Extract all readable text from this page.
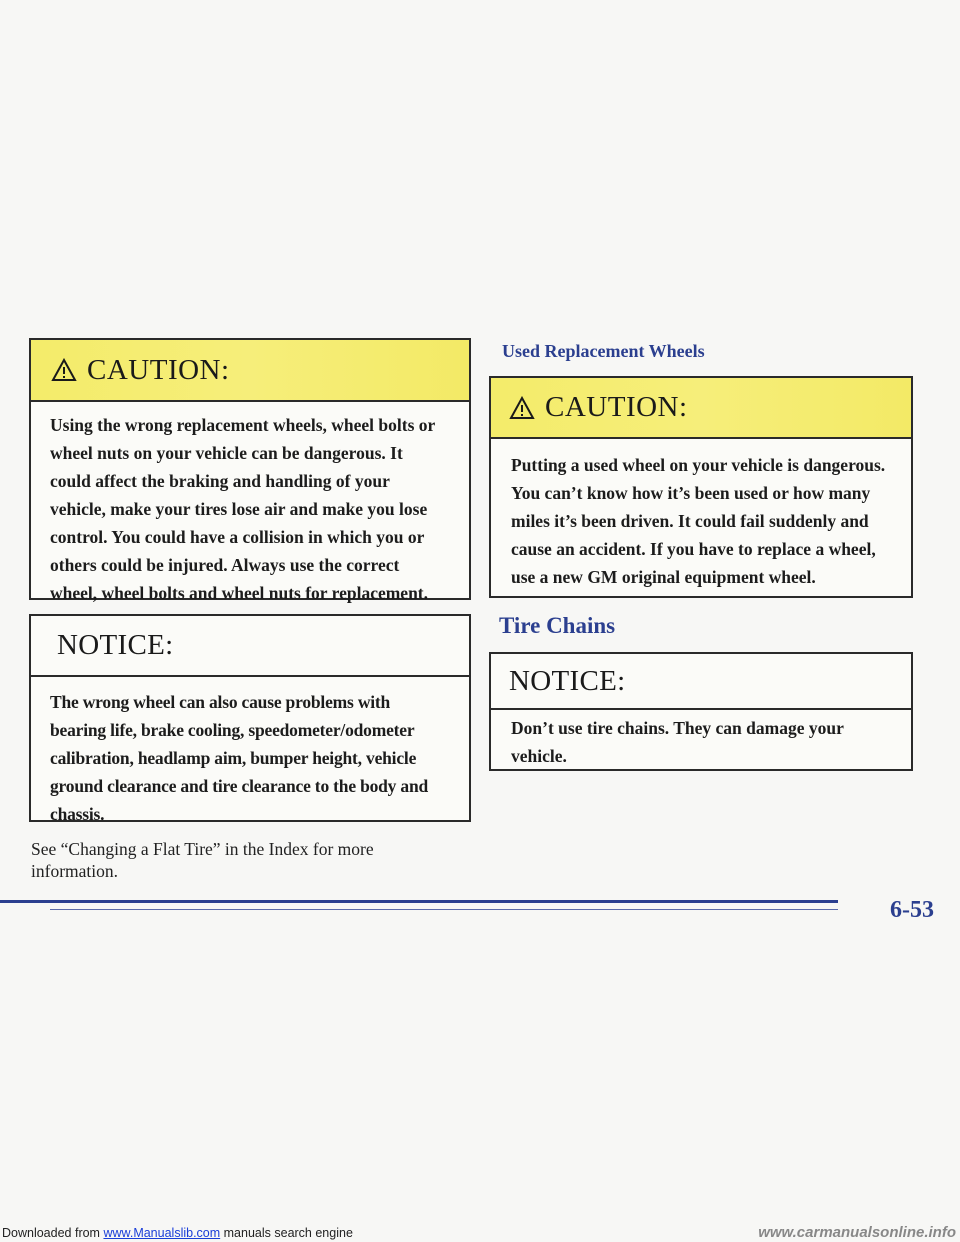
CAUTION:
Using the wrong replacement wheels, wheel bolts or wheel nuts on your vehicle can be dangerous. It could affect the braking and handling of your vehicle, make your tires lose air and make you lose control. You could have a collision in which you or others could be injured. Always use the correct wheel, wheel bolts and wheel nuts for replacement.
NOTICE:
The wrong wheel can also cause problems with bearing life, brake cooling, speedometer/odometer calibration, headlamp aim, bumper height, vehicle ground clearance and tire clearance to the body and chassis.
See “Changing a Flat Tire” in the Index for more information.
Used Replacement Wheels
CAUTION:
Putting a used wheel on your vehicle is dangerous. You can’t know how it’s been used or how many miles it’s been driven. It could fail suddenly and cause an accident. If you have to replace a wheel, use a new GM original equipment wheel.
Tire Chains
NOTICE:
Don’t use tire chains. They can damage your vehicle.
6-53
Downloaded from www.Manualslib.com manuals search engine	www.carmanualsonline.info
